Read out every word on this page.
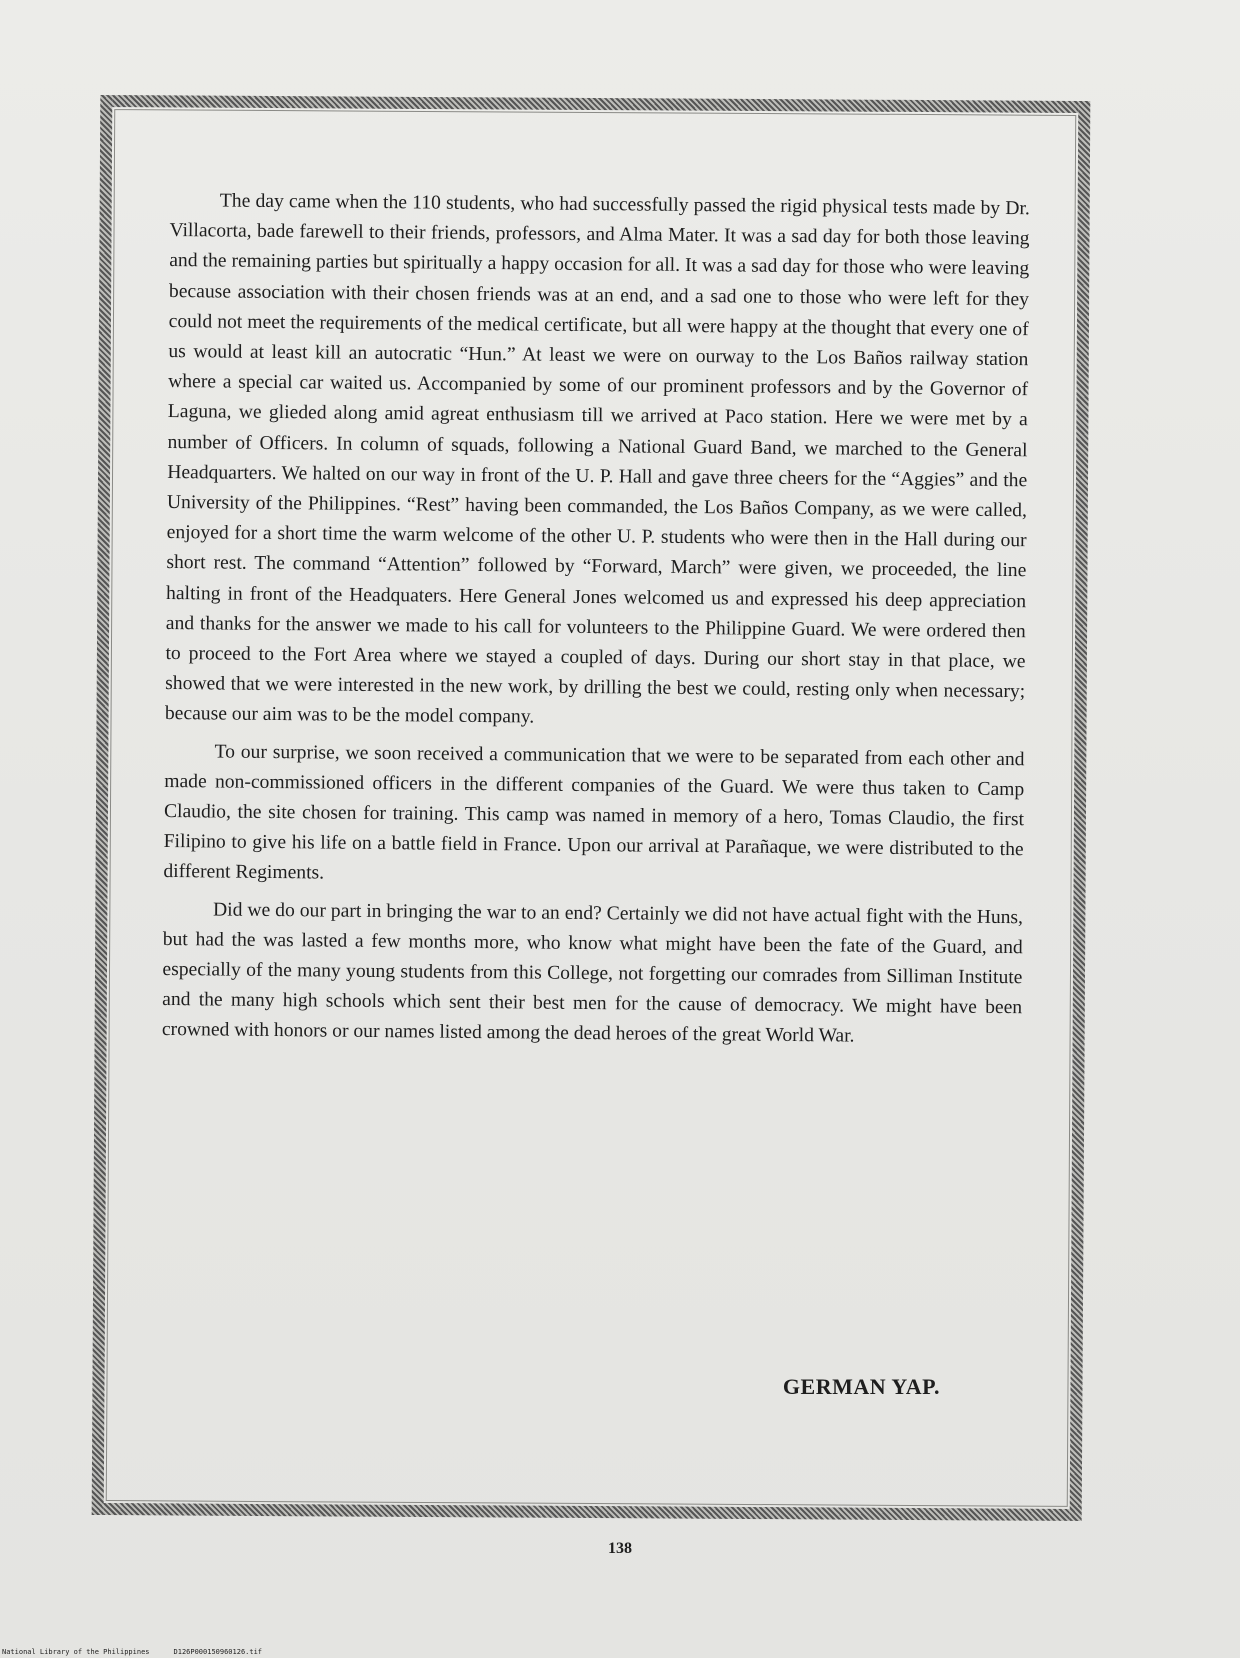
The day came when the 110 students, who had successfully passed the rigid physical tests made by Dr. Villacorta, bade farewell to their friends, professors, and Alma Mater. It was a sad day for both those leaving and the remaining parties but spiritually a happy occasion for all. It was a sad day for those who were leaving because association with their chosen friends was at an end, and a sad one to those who were left for they could not meet the requirements of the medical certificate, but all were happy at the thought that every one of us would at least kill an autocratic “Hun.” At least we were on ourway to the Los Baños railway station where a special car waited us. Accompanied by some of our prominent professors and by the Governor of Laguna, we glieded along amid agreat enthusiasm till we arrived at Paco station. Here we were met by a number of Officers. In column of squads, following a National Guard Band, we marched to the General Headquarters. We halted on our way in front of the U. P. Hall and gave three cheers for the “Aggies” and the University of the Philippines. “Rest” having been commanded, the Los Baños Company, as we were called, enjoyed for a short time the warm welcome of the other U. P. students who were then in the Hall during our short rest. The command “Attention” followed by “Forward, March” were given, we proceeded, the line halting in front of the Headquaters. Here General Jones welcomed us and expressed his deep appreciation and thanks for the answer we made to his call for volunteers to the Philippine Guard. We were ordered then to proceed to the Fort Area where we stayed a coupled of days. During our short stay in that place, we showed that we were interested in the new work, by drilling the best we could, resting only when necessary; because our aim was to be the model company.

To our surprise, we soon received a communication that we were to be separated from each other and made non-commissioned officers in the different companies of the Guard. We were thus taken to Camp Claudio, the site chosen for training. This camp was named in memory of a hero, Tomas Claudio, the first Filipino to give his life on a battle field in France. Upon our arrival at Parañaque, we were distributed to the different Regiments.

Did we do our part in bringing the war to an end? Certainly we did not have actual fight with the Huns, but had the was lasted a few months more, who know what might have been the fate of the Guard, and especially of the many young students from this College, not forgetting our comrades from Silliman Institute and the many high schools which sent their best men for the cause of democracy. We might have been crowned with honors or our names listed among the dead heroes of the great World War.

GERMAN YAP.
138
National Library of the Philippines	D126P000150960126.tif
